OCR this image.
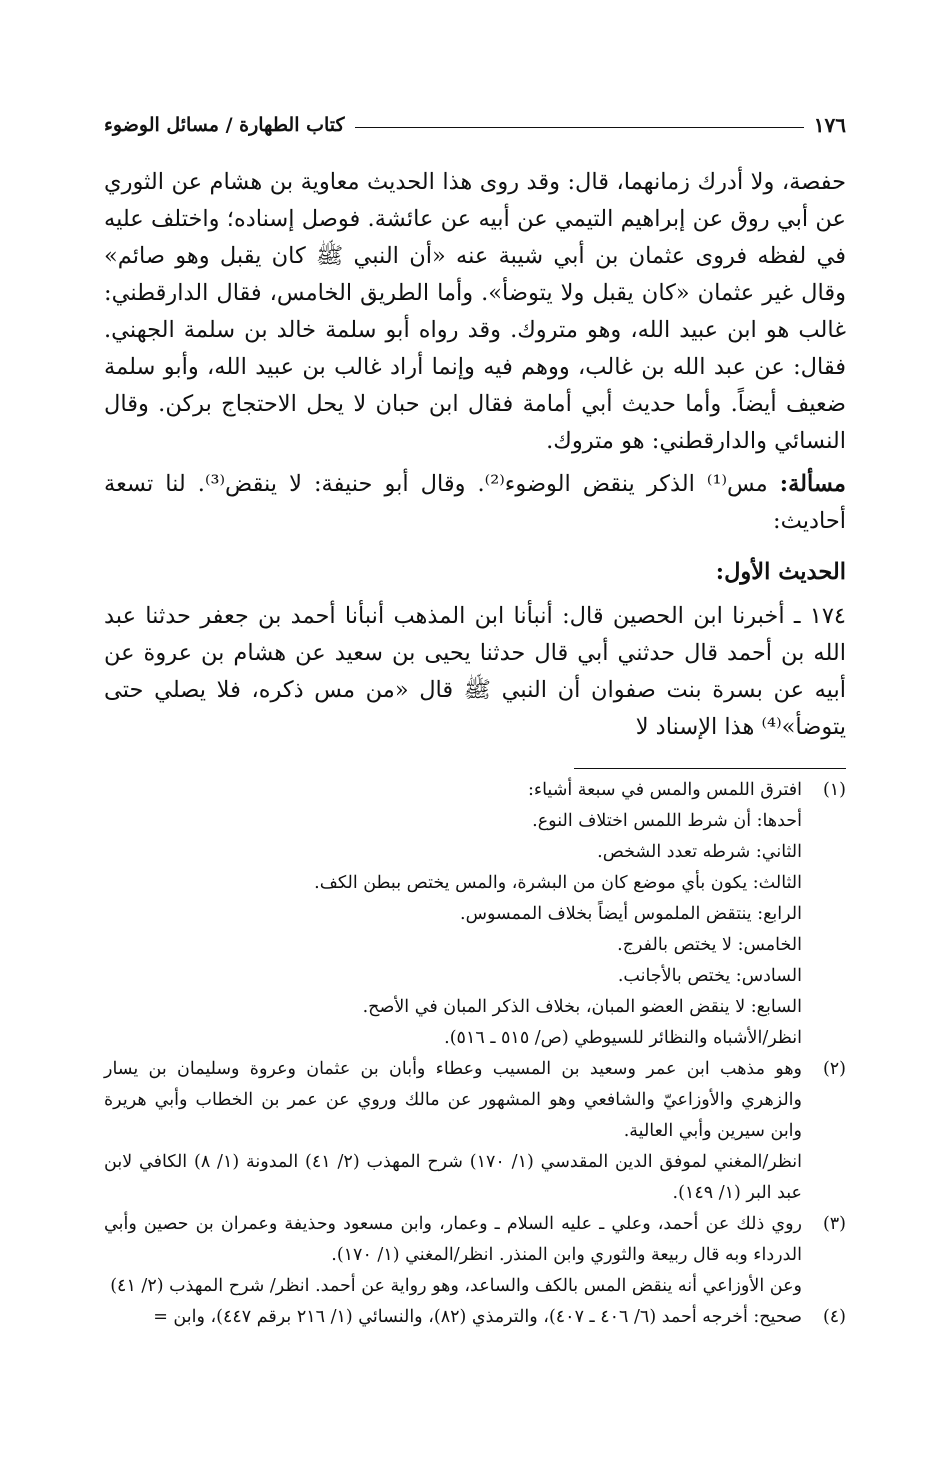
١٧٦
كتاب الطهارة / مسائل الوضوء

حفصة، ولا أدرك زمانهما، قال: وقد روى هذا الحديث معاوية بن هشام عن الثوري عن أبي روق عن إبراهيم التيمي عن أبيه عن عائشة. فوصل إسناده؛ واختلف عليه في لفظه فروى عثمان بن أبي شيبة عنه «أن النبي ﷺ كان يقبل وهو صائم» وقال غير عثمان «كان يقبل ولا يتوضأ». وأما الطريق الخامس، فقال الدارقطني: غالب هو ابن عبيد الله، وهو متروك. وقد رواه أبو سلمة خالد بن سلمة الجهني. فقال: عن عبد الله بن غالب، ووهم فيه وإنما أراد غالب بن عبيد الله، وأبو سلمة ضعيف أيضاً. وأما حديث أبي أمامة فقال ابن حبان لا يحل الاحتجاج بركن. وقال النسائي والدارقطني: هو متروك.

مسألة: مس⁽¹⁾ الذكر ينقض الوضوء⁽²⁾. وقال أبو حنيفة: لا ينقض⁽³⁾. لنا تسعة أحاديث:

الحديث الأول:

١٧٤ ـ أخبرنا ابن الحصين قال: أنبأنا ابن المذهب أنبأنا أحمد بن جعفر حدثنا عبد الله بن أحمد قال حدثني أبي قال حدثنا يحيى بن سعيد عن هشام بن عروة عن أبيه عن بسرة بنت صفوان أن النبي ﷺ قال «من مس ذكره، فلا يصلي حتى يتوضأ»⁽⁴⁾ هذا الإسناد لا

(١)

افترق اللمس والمس في سبعة أشياء:

أحدها: أن شرط اللمس اختلاف النوع.

الثاني: شرطه تعدد الشخص.

الثالث: يكون بأي موضع كان من البشرة، والمس يختص ببطن الكف.

الرابع: ينتقض الملموس أيضاً بخلاف الممسوس.

الخامس: لا يختص بالفرج.

السادس: يختص بالأجانب.

السابع: لا ينقض العضو المبان، بخلاف الذكر المبان في الأصح.

انظر/الأشباه والنظائر للسيوطي (ص/ ٥١٥ ـ ٥١٦).

(٢)

وهو مذهب ابن عمر وسعيد بن المسيب وعطاء وأبان بن عثمان وعروة وسليمان بن يسار والزهري والأوزاعيّ والشافعي وهو المشهور عن مالك وروي عن عمر بن الخطاب وأبي هريرة وابن سيرين وأبي العالية.

انظر/المغني لموفق الدين المقدسي (١/ ١٧٠) شرح المهذب (٢/ ٤١) المدونة (١/ ٨) الكافي لابن عبد البر (١/ ١٤٩).

(٣)

روي ذلك عن أحمد، وعلي ـ عليه السلام ـ وعمار، وابن مسعود وحذيفة وعمران بن حصين وأبي الدرداء وبه قال ربيعة والثوري وابن المنذر. انظر/المغني (١/ ١٧٠).

وعن الأوزاعي أنه ينقض المس بالكف والساعد، وهو رواية عن أحمد. انظر/ شرح المهذب (٢/ ٤١)

(٤)

صحيح: أخرجه أحمد (٦/ ٤٠٦ ـ ٤٠٧)، والترمذي (٨٢)، والنسائي (١/ ٢١٦ برقم ٤٤٧)، وابن =
